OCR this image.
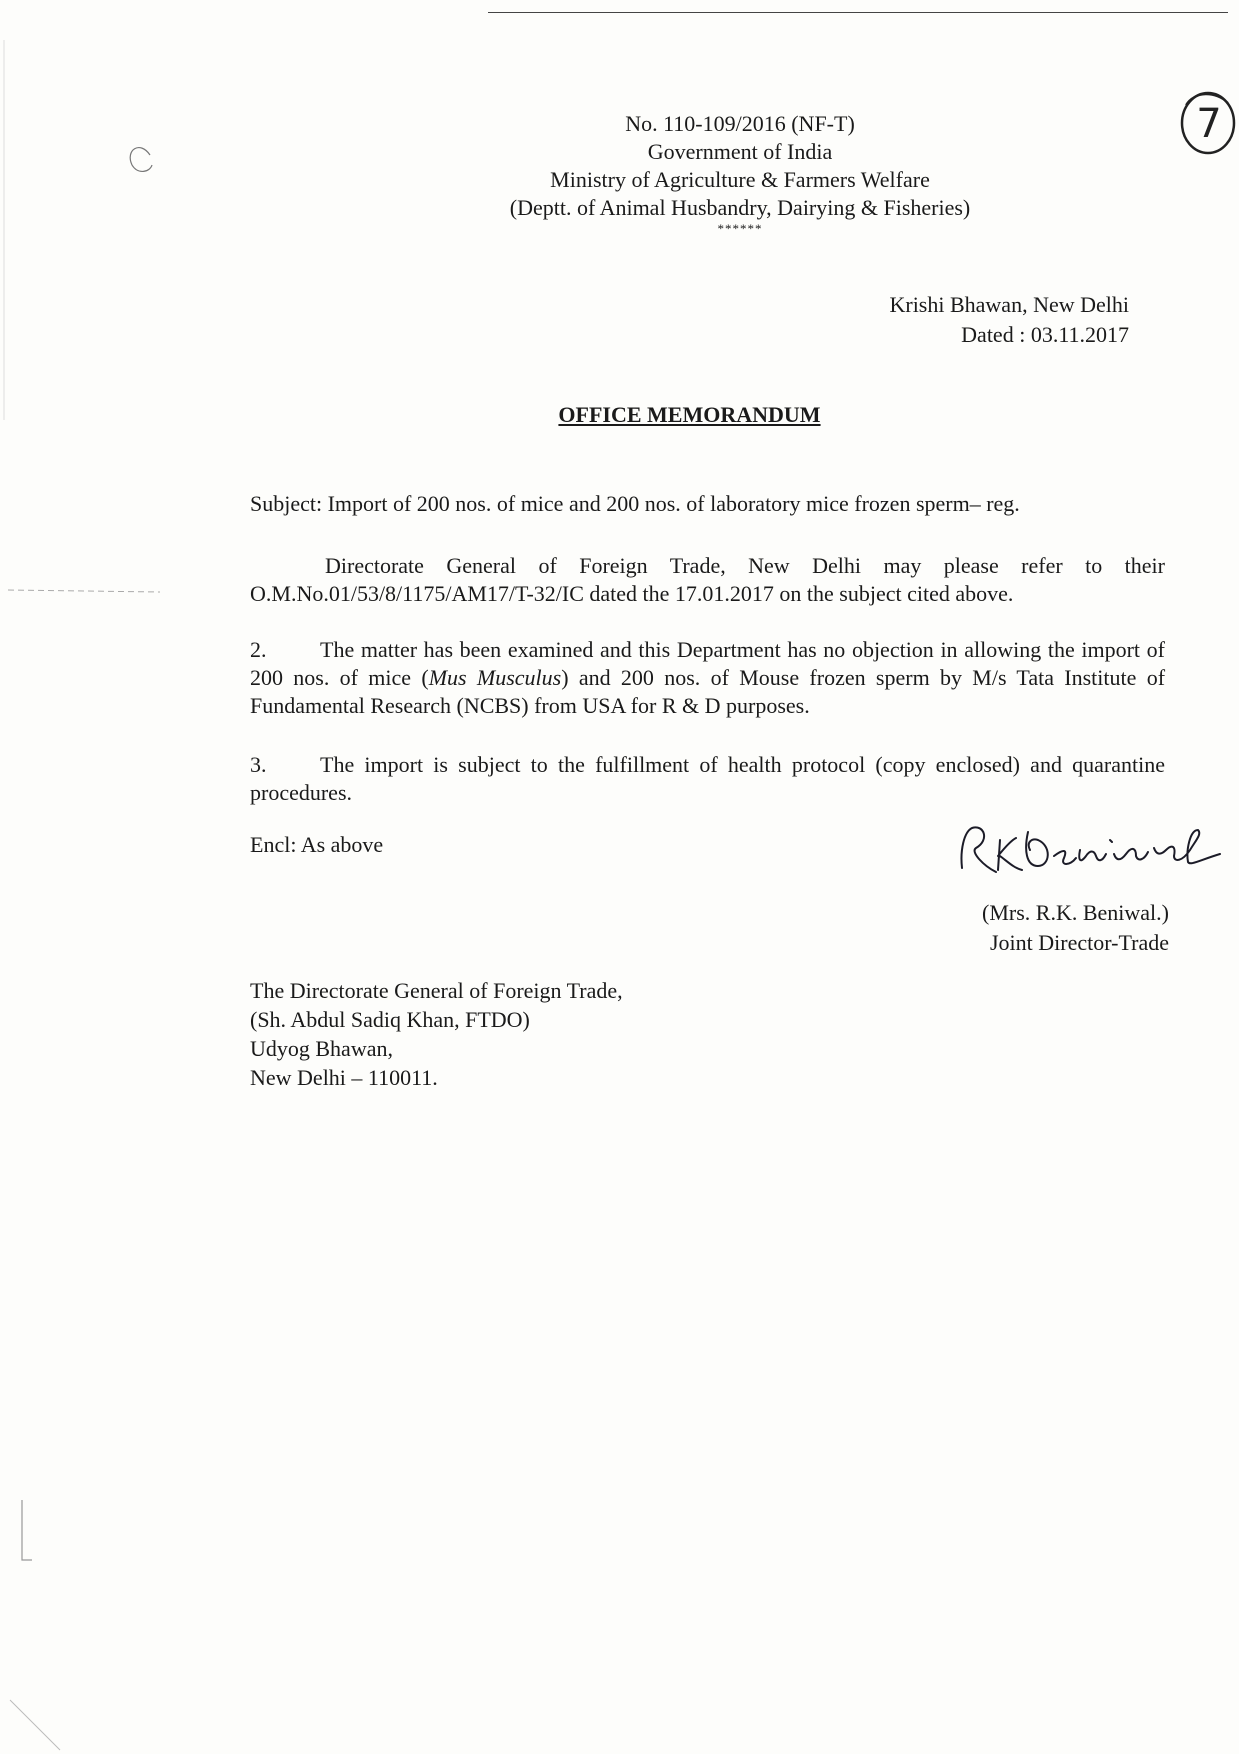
No. 110-109/2016 (NF-T)
Government of India
Ministry of Agriculture & Farmers Welfare
(Deptt. of Animal Husbandry, Dairying & Fisheries)
******
7
Krishi Bhawan, New Delhi
Dated : 03.11.2017
OFFICE MEMORANDUM
Subject: Import of 200 nos. of mice and 200 nos. of laboratory mice frozen sperm– reg.
Directorate General of Foreign Trade, New Delhi may please refer to their O.M.No.01/53/8/1175/AM17/T-32/IC dated the 17.01.2017 on the subject cited above.
2. The matter has been examined and this Department has no objection in allowing the import of 200 nos. of mice (Mus Musculus) and 200 nos. of Mouse frozen sperm by M/s Tata Institute of Fundamental Research (NCBS) from USA for R & D purposes.
3. The import is subject to the fulfillment of health protocol (copy enclosed) and quarantine procedures.
Encl: As above
(Mrs. R.K. Beniwal.)
Joint Director-Trade
The Directorate General of Foreign Trade,
(Sh. Abdul Sadiq Khan, FTDO)
Udyog Bhawan,
New Delhi – 110011.
